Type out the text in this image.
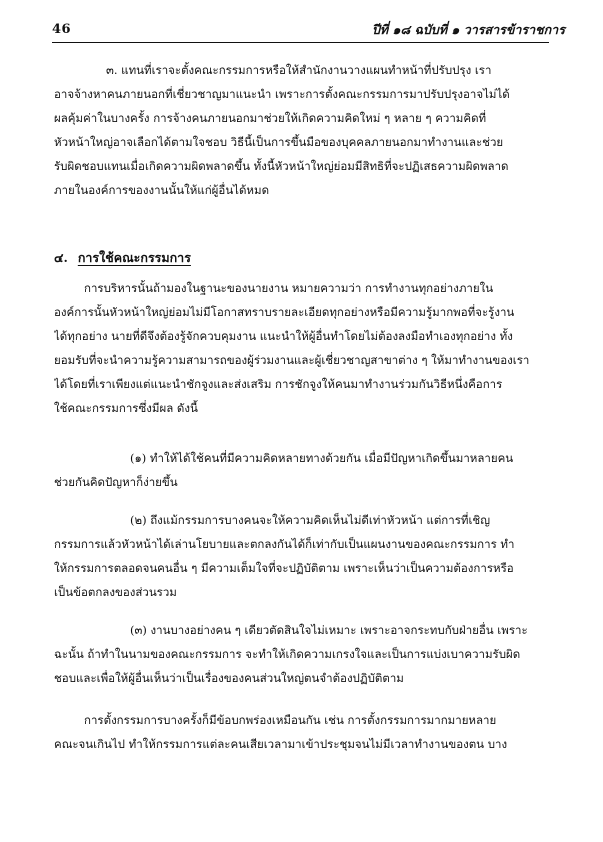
46	ปีที่ ๑๘ ฉบับที่ ๑ วารสารข้าราชการ
๓. แทนที่เราจะตั้งคณะกรรมการหรือให้สำนักงานวางแผนทำหน้าที่ปรับปรุง เรา
อาจจ้างหาคนภายนอกที่เชี่ยวชาญมาแนะนำ เพราะการตั้งคณะกรรมการมาปรับปรุงอาจไม่ได้
ผลคุ้มค่าในบางครั้ง การจ้างคนภายนอกมาช่วยให้เกิดความคิดใหม่ ๆ หลาย ๆ ความคิดที่
หัวหน้าใหญ่อาจเลือกได้ตามใจชอบ วิธีนี้เป็นการขึ้นมือของบุคคลภายนอกมาทำงานและช่วย
รับผิดชอบแทนเมื่อเกิดความผิดพลาดขึ้น ทั้งนี้หัวหน้าใหญ่ย่อมมีสิทธิที่จะปฏิเสธความผิดพลาด
ภายในองค์การของงานนั้นให้แก่ผู้อื่นได้หมด
๔. การใช้คณะกรรมการ
การบริหารนั้นถ้ามองในฐานะของนายงาน หมายความว่า การทำงานทุกอย่างภายใน
องค์การนั้นหัวหน้าใหญ่ย่อมไม่มีโอกาสทราบรายละเอียดทุกอย่างหรือมีความรู้มากพอที่จะรู้งาน
ได้ทุกอย่าง นายที่ดีจึงต้องรู้จักควบคุมงาน แนะนำให้ผู้อื่นทำโดยไม่ต้องลงมือทำเองทุกอย่าง ทั้ง
ยอมรับที่จะนำความรู้ความสามารถของผู้ร่วมงานและผู้เชี่ยวชาญสาขาต่าง ๆ ให้มาทำงานของเรา
ได้โดยที่เราเพียงแต่แนะนำชักจูงและส่งเสริม การชักจูงให้คนมาทำงานร่วมกันวิธีหนึ่งคือการ
ใช้คณะกรรมการซึ่งมีผล ดังนี้
(๑) ทำให้ได้ใช้คนที่มีความคิดหลายทางด้วยกัน เมื่อมีปัญหาเกิดขึ้นมาหลายคน
ช่วยกันคิดปัญหาก็ง่ายขึ้น
(๒) ถึงแม้กรรมการบางคนจะให้ความคิดเห็นไม่ดีเท่าหัวหน้า แต่การที่เชิญ
กรรมการแล้วหัวหน้าได้เล่านโยบายและตกลงกันได้ก็เท่ากับเป็นแผนงานของคณะกรรมการ ทำ
ให้กรรมการตลอดจนคนอื่น ๆ มีความเต็มใจที่จะปฏิบัติตาม เพราะเห็นว่าเป็นความต้องการหรือ
เป็นข้อตกลงของส่วนรวม
(๓) งานบางอย่างคน ๆ เดียวตัดสินใจไม่เหมาะ เพราะอาจกระทบกับฝ่ายอื่น เพราะ
ฉะนั้น ถ้าทำในนามของคณะกรรมการ จะทำให้เกิดความเกรงใจและเป็นการแบ่งเบาความรับผิด
ชอบและเพื่อให้ผู้อื่นเห็นว่าเป็นเรื่องของคนส่วนใหญ่ตนจำต้องปฏิบัติตาม
การตั้งกรรมการบางครั้งก็มีข้อบกพร่องเหมือนกัน เช่น การตั้งกรรมการมากมายหลาย
คณะจนเกินไป ทำให้กรรมการแต่ละคนเสียเวลามาเข้าประชุมจนไม่มีเวลาทำงานของตน บาง
